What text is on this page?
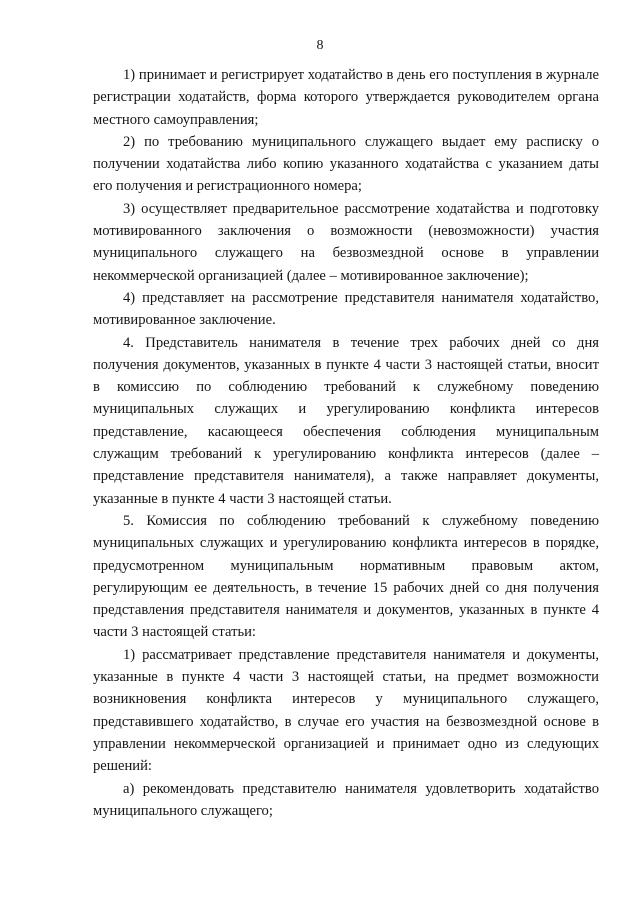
8

1) принимает и регистрирует ходатайство в день его поступления в журнале регистрации ходатайств, форма которого утверждается руководителем органа местного самоуправления;

2) по требованию муниципального служащего выдает ему расписку о получении ходатайства либо копию указанного ходатайства с указанием даты его получения и регистрационного номера;

3) осуществляет предварительное рассмотрение ходатайства и подготовку мотивированного заключения о возможности (невозможности) участия муниципального служащего на безвозмездной основе в управлении некоммерческой организацией (далее – мотивированное заключение);

4) представляет на рассмотрение представителя нанимателя ходатайство, мотивированное заключение.

4. Представитель нанимателя в течение трех рабочих дней со дня получения документов, указанных в пункте 4 части 3 настоящей статьи, вносит в комиссию по соблюдению требований к служебному поведению муниципальных служащих и урегулированию конфликта интересов представление, касающееся обеспечения соблюдения муниципальным служащим требований к урегулированию конфликта интересов (далее – представление представителя нанимателя), а также направляет документы, указанные в пункте 4 части 3 настоящей статьи.

5. Комиссия по соблюдению требований к служебному поведению муниципальных служащих и урегулированию конфликта интересов в порядке, предусмотренном муниципальным нормативным правовым актом, регулирующим ее деятельность, в течение 15 рабочих дней со дня получения представления представителя нанимателя и документов, указанных в пункте 4 части 3 настоящей статьи:

1) рассматривает представление представителя нанимателя и документы, указанные в пункте 4 части 3 настоящей статьи, на предмет возможности возникновения конфликта интересов у муниципального служащего, представившего ходатайство, в случае его участия на безвозмездной основе в управлении некоммерческой организацией и принимает одно из следующих решений:

а) рекомендовать представителю нанимателя удовлетворить ходатайство муниципального служащего;
